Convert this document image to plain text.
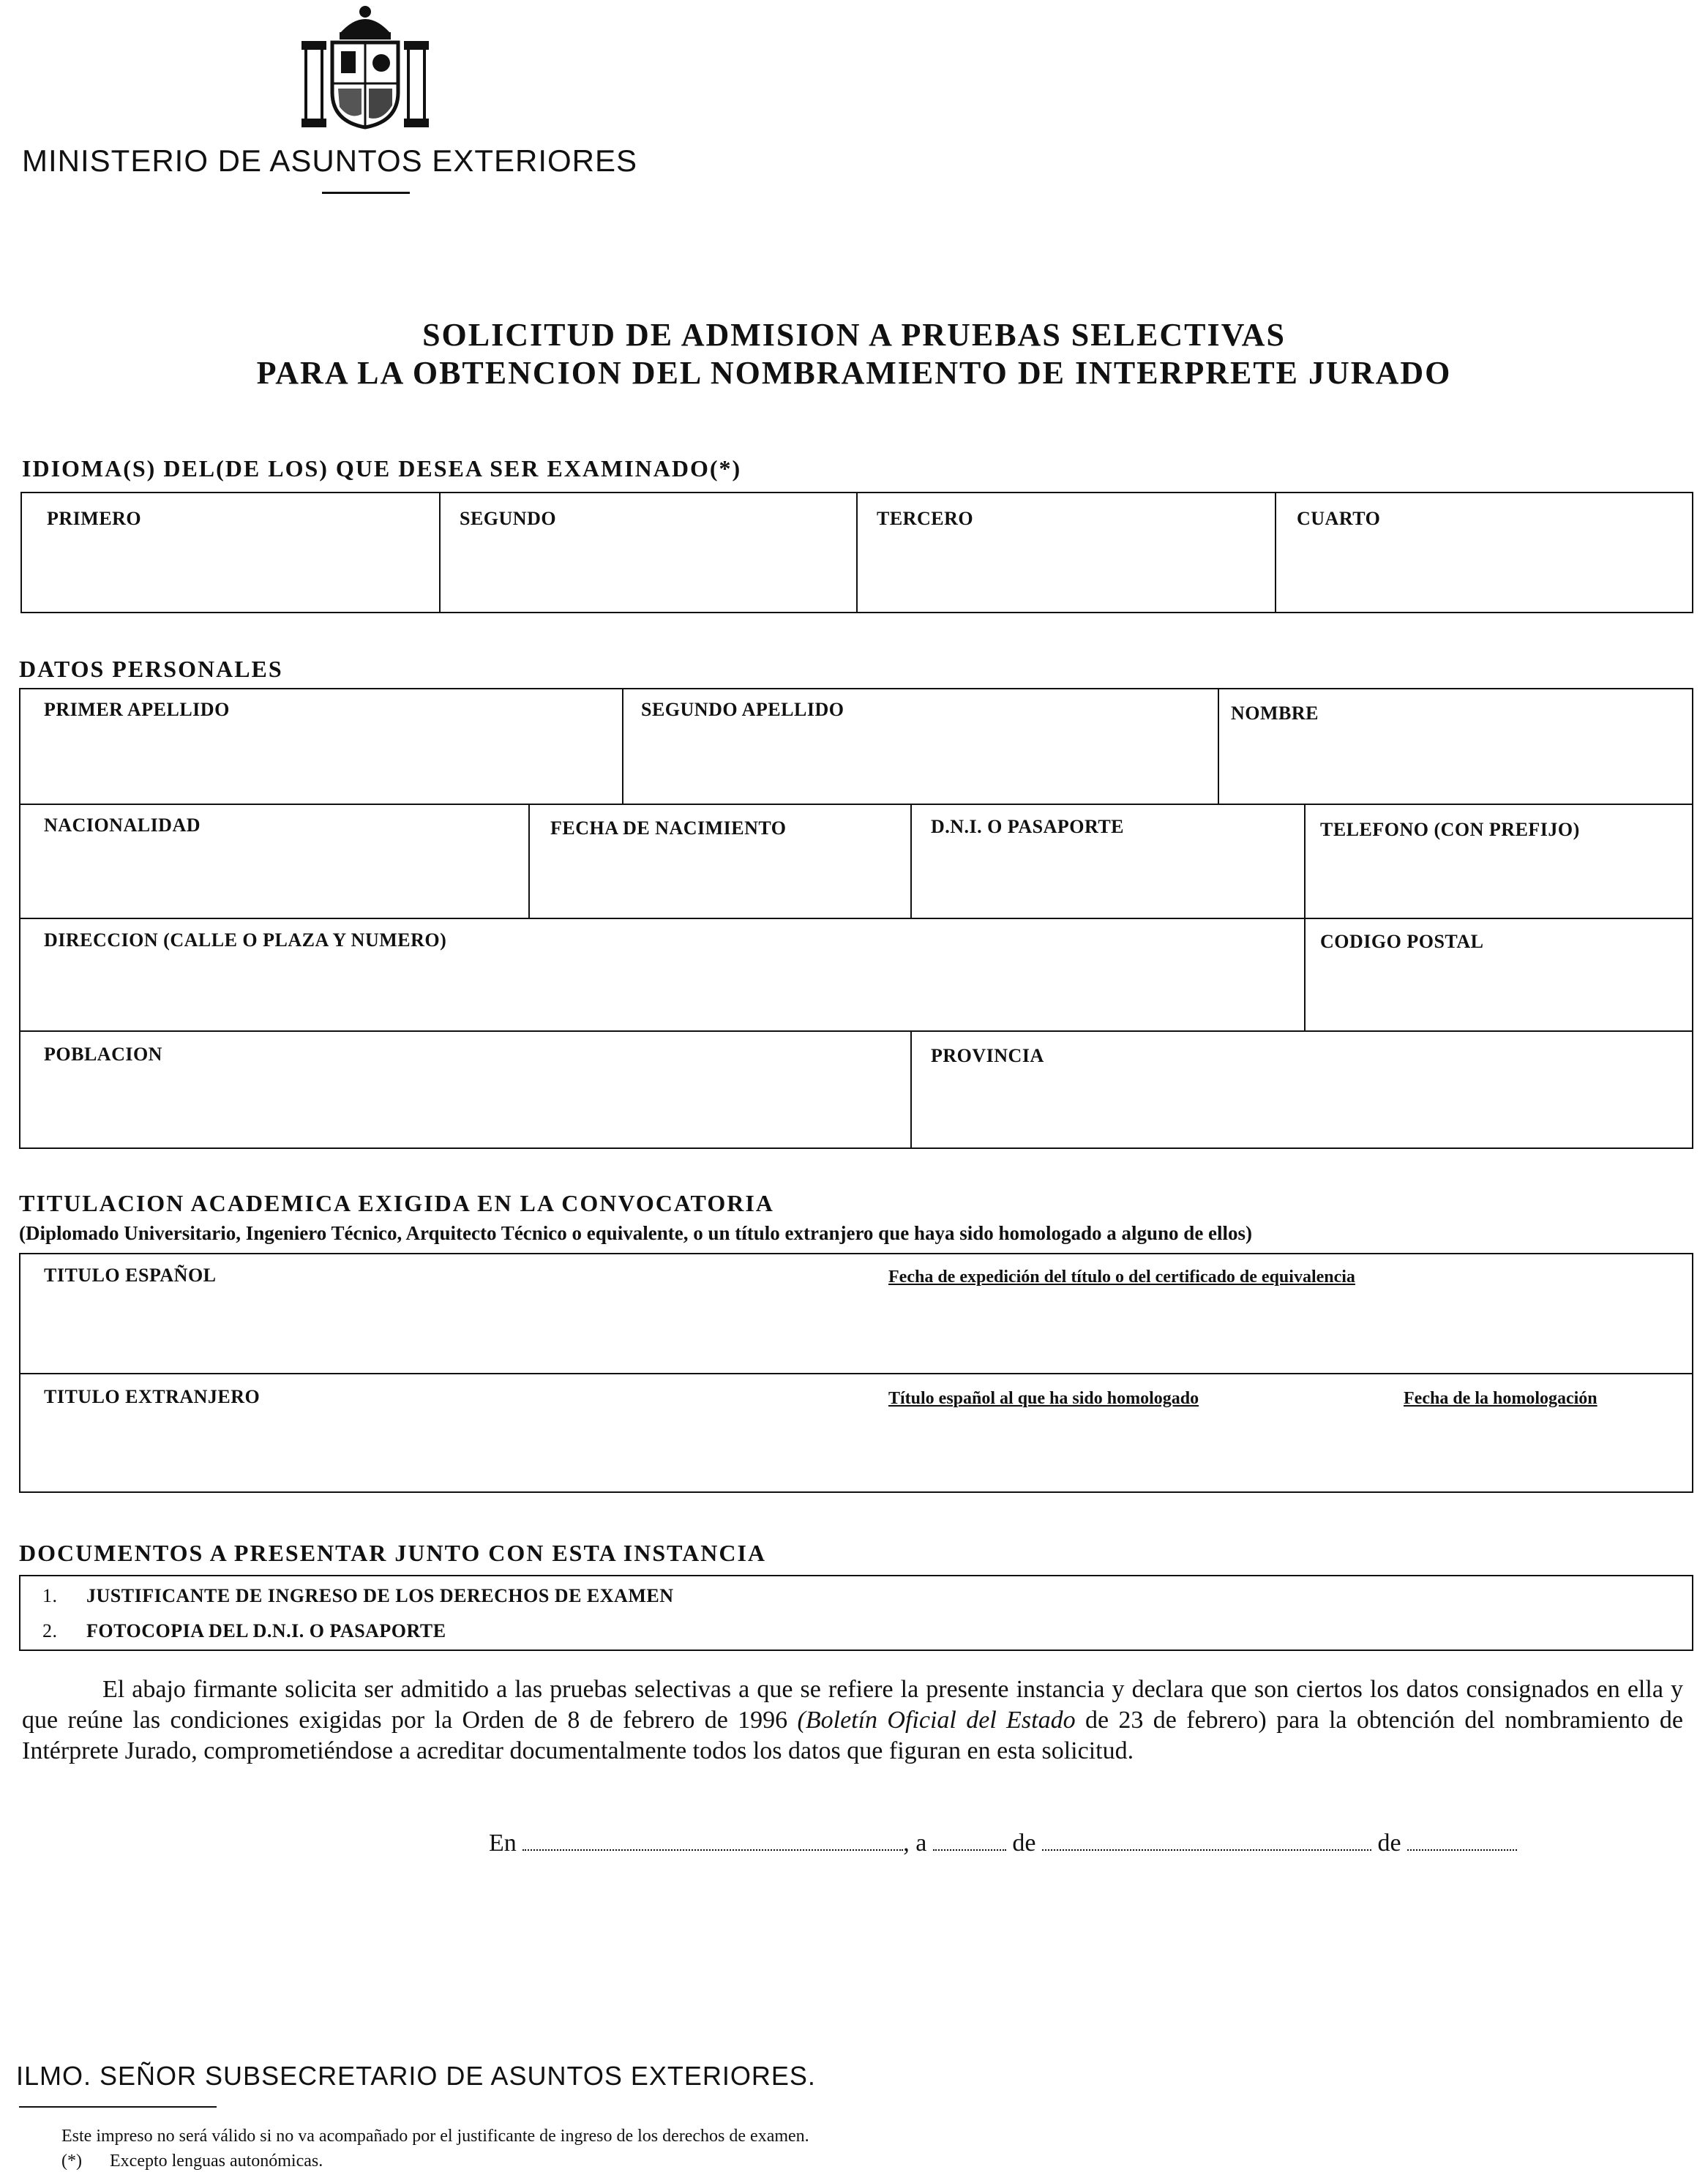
MINISTERIO DE ASUNTOS EXTERIORES
SOLICITUD DE ADMISION A PRUEBAS SELECTIVAS
PARA LA OBTENCION DEL NOMBRAMIENTO DE INTERPRETE JURADO
IDIOMA(S) DEL(DE LOS) QUE DESEA SER EXAMINADO(*)
PRIMERO	SEGUNDO	TERCERO	CUARTO
DATOS PERSONALES
PRIMER APELLIDO	SEGUNDO APELLIDO	NOMBRE
NACIONALIDAD	FECHA DE NACIMIENTO	D.N.I. O PASAPORTE	TELEFONO (CON PREFIJO)
DIRECCION (CALLE O PLAZA Y NUMERO)	CODIGO POSTAL
POBLACION	PROVINCIA
TITULACION ACADEMICA EXIGIDA EN LA CONVOCATORIA
(Diplomado Universitario, Ingeniero Técnico, Arquitecto Técnico o equivalente, o un título extranjero que haya sido homologado a alguno de ellos)
TITULO ESPAÑOL	Fecha de expedición del título o del certificado de equivalencia
TITULO EXTRANJERO	Título español al que ha sido homologado	Fecha de la homologación
DOCUMENTOS A PRESENTAR JUNTO CON ESTA INSTANCIA
1. JUSTIFICANTE DE INGRESO DE LOS DERECHOS DE EXAMEN
2. FOTOCOPIA DEL D.N.I. O PASAPORTE
El abajo firmante solicita ser admitido a las pruebas selectivas a que se refiere la presente instancia y declara que son ciertos los datos consignados en ella y que reúne las condiciones exigidas por la Orden de 8 de febrero de 1996 (Boletín Oficial del Estado de 23 de febrero) para la obtención del nombramiento de Intérprete Jurado, comprometiéndose a acreditar documentalmente todos los datos que figuran en esta solicitud.
En	, a	de	de
ILMO. SEÑOR SUBSECRETARIO DE ASUNTOS EXTERIORES.
Este impreso no será válido si no va acompañado por el justificante de ingreso de los derechos de examen.
(*) Excepto lenguas autonómicas.
